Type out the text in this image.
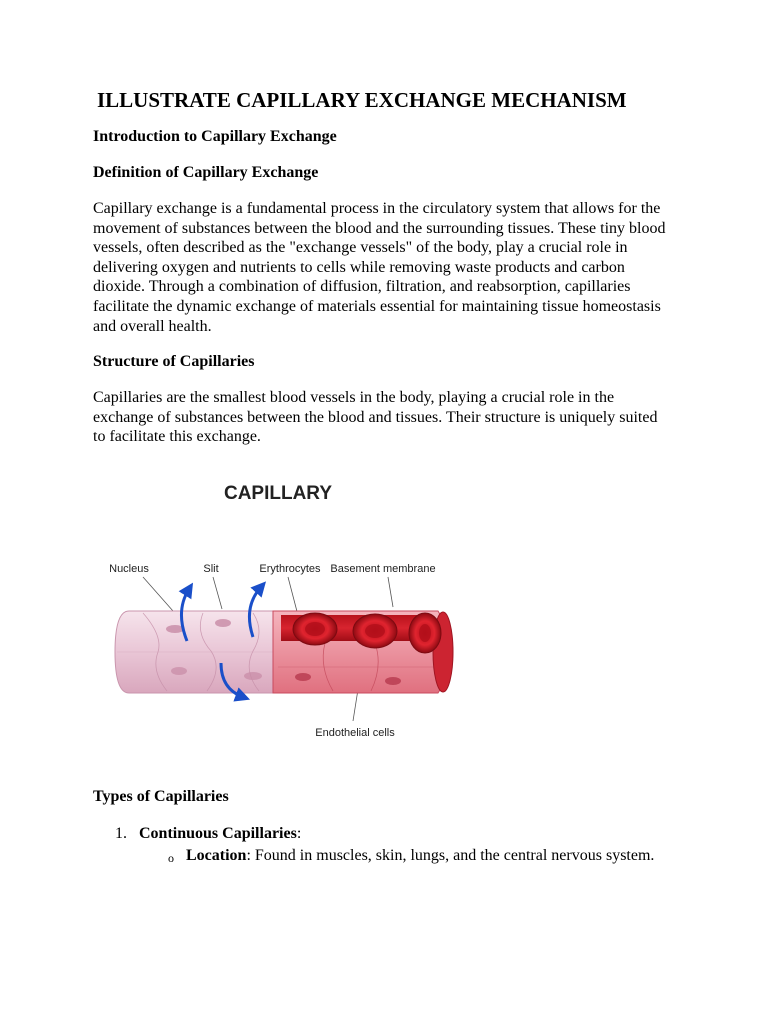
ILLUSTRATE CAPILLARY EXCHANGE MECHANISM
Introduction to Capillary Exchange
Definition of Capillary Exchange

Capillary exchange is a fundamental process in the circulatory system that allows for the movement of substances between the blood and the surrounding tissues. These tiny blood vessels, often described as the "exchange vessels" of the body, play a crucial role in delivering oxygen and nutrients to cells while removing waste products and carbon dioxide. Through a combination of diffusion, filtration, and reabsorption, capillaries facilitate the dynamic exchange of materials essential for maintaining tissue homeostasis and overall health.

Structure of Capillaries

Capillaries are the smallest blood vessels in the body, playing a crucial role in the exchange of substances between the blood and tissues. Their structure is uniquely suited to facilitate this exchange.

CAPILLARY
Nucleus	Slit	Erythrocytes Basement membrane
Endothelial cells
Types of Capillaries
1. Continuous Capillaries:
o Location: Found in muscles, skin, lungs, and the central nervous system.
